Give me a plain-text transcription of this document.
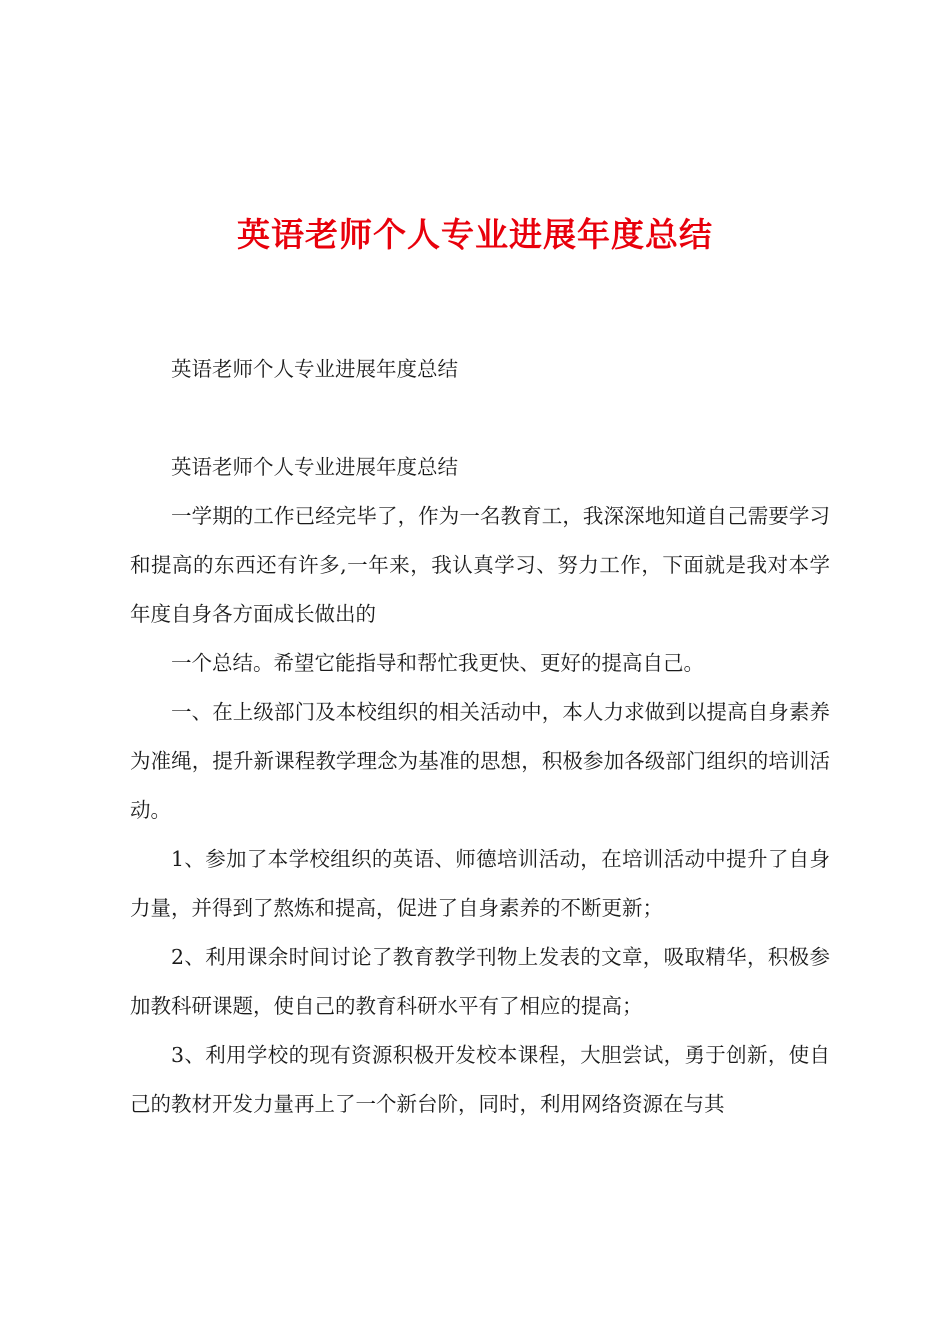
英语老师个人专业进展年度总结

英语老师个人专业进展年度总结

英语老师个人专业进展年度总结

一学期的工作已经完毕了，作为一名教育工，我深深地知道自己需要学习和提高的东西还有许多,一年来，我认真学习、努力工作，下面就是我对本学年度自身各方面成长做出的

一个总结。希望它能指导和帮忙我更快、更好的提高自己。

一、在上级部门及本校组织的相关活动中，本人力求做到以提高自身素养为准绳，提升新课程教学理念为基准的思想，积极参加各级部门组织的培训活动。

1、参加了本学校组织的英语、师德培训活动，在培训活动中提升了自身力量，并得到了熬炼和提高，促进了自身素养的不断更新；

2、利用课余时间讨论了教育教学刊物上发表的文章，吸取精华，积极参加教科研课题，使自己的教育科研水平有了相应的提高；

3、利用学校的现有资源积极开发校本课程，大胆尝试，勇于创新，使自己的教材开发力量再上了一个新台阶，同时，利用网络资源在与其
